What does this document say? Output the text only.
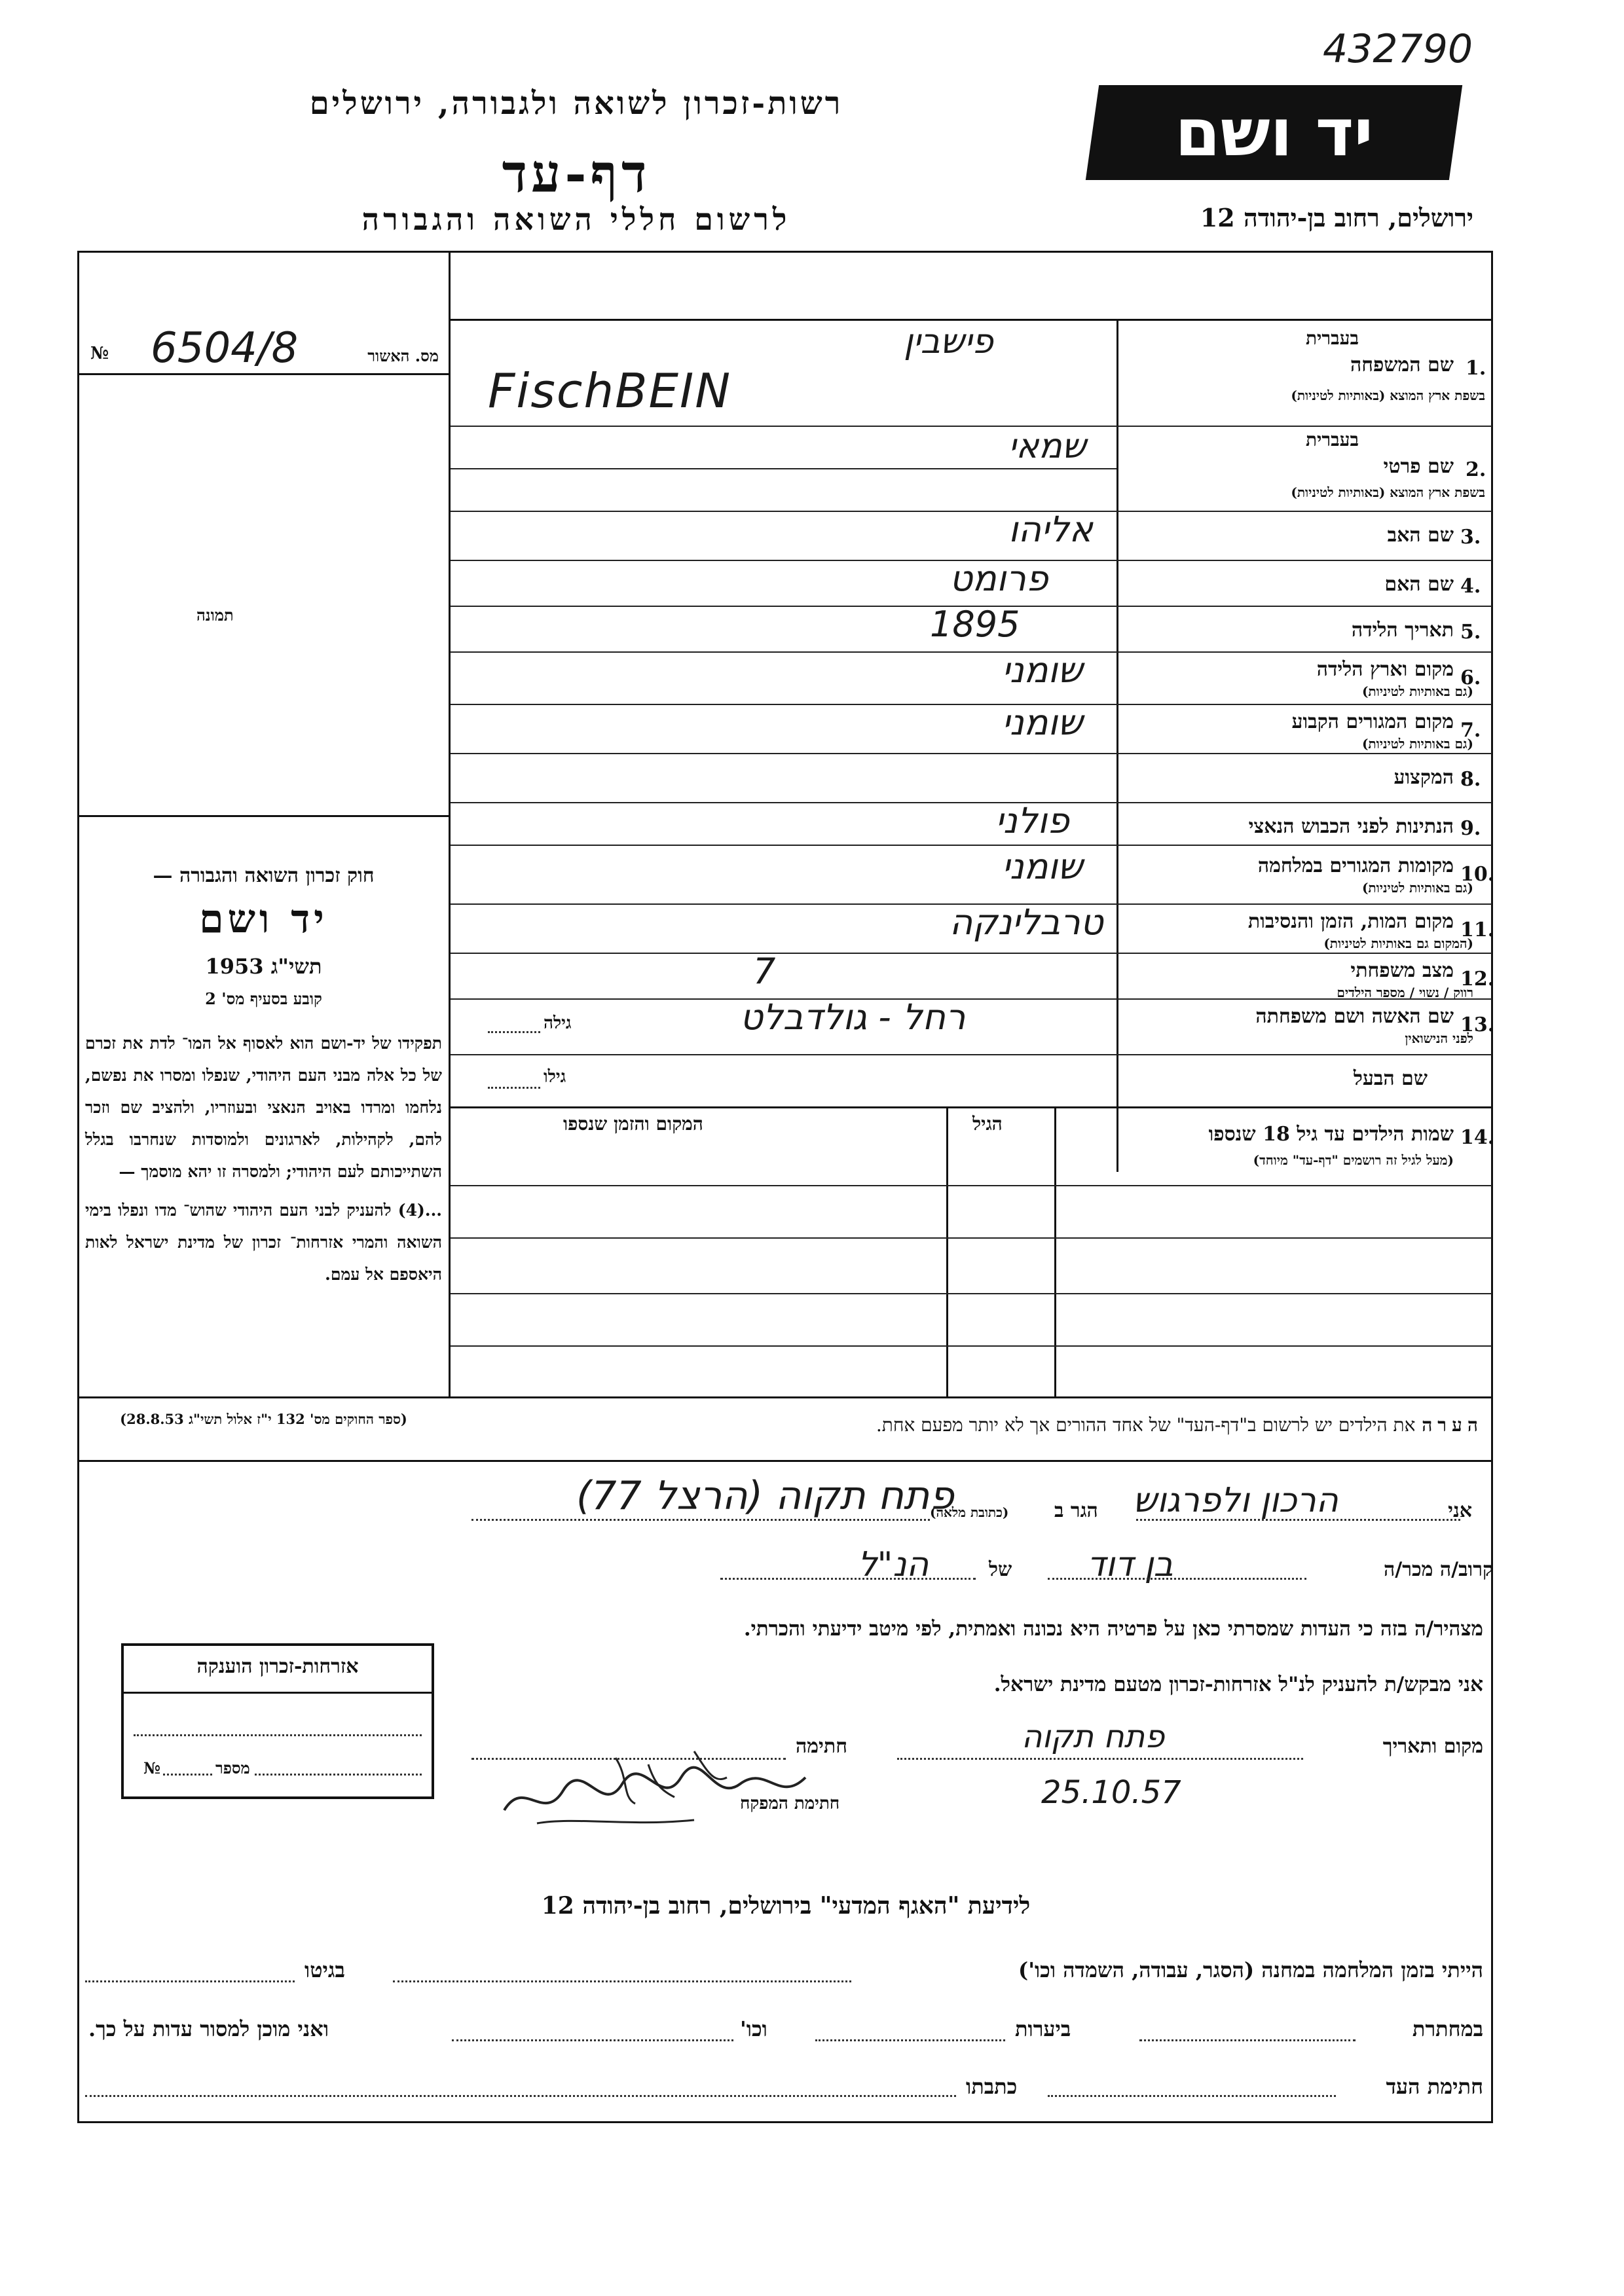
432790
רשות-זכרון לשואה ולגבורה, ירושלים
דף-עד
לרשום חללי השואה והגבורה
יד ושם
ירושלים, רחוב בן-יהודה 12
№ 6504/8	מס. האשור
תמונה
חוק זכרון השואה והגבורה —
יד ושם
תשי"ג 1953
קובע בסעיף מס' 2
תפקידו של יד-ושם הוא לאסוף אל המו־ לדת את זכרם של כל אלה מבני העם היהודי, שנפלו ומסרו את נפשם, נלחמו ומרדו באויב הנאצי ובעוזריו, ולהציב שם וזכר להם, לקהילות, לארגונים ולמוסדות שנחרבו בגלל השתייכותם לעם היהודי; ולמסרה זו יהא מוסמך —
...(4) להעניק לבני העם היהודי שהוש־ מדו ונפלו בימי השואה והמרי אזרחות־ זכרון של מדינת ישראל לאות היאספם אל עמם.
(ספר החוקים מס' 132 י"ז אלול תשי"ג 28.8.53)
1.
שם המשפחה
בעברית
בשפת ארץ המוצא (באותיות לטיניות)
פישבין
FischBEIN
2.
שם פרטי
בעברית
בשפת ארץ המוצא (באותיות לטיניות)
שמאי
3.
שם האב
אליהו
4.
שם האם
פרומט
5.
תאריך הלידה
1895
6.
מקום וארץ הלידה
(גם באותיות לטיניות)
שומני
7.
מקום המגורים הקבוע
(גם באותיות לטיניות)
שומני
8.
המקצוע
9.
הנתינות לפני הכבוש הנאצי
פולני
10.
מקומות המגורים במלחמה
(גם באותיות לטיניות)
שומני
11.
מקום המות, הזמן והנסיבות
(המקום גם באותיות לטיניות)
טרבלינקה
12.
מצב משפחתי
רווק / נשוי / מספר הילדים
7
13.
שם האשה ושם משפחתה
לפני הנישואין
רחל - גולדבלט
גילה
שם הבעל
גילו
14.
שמות הילדים עד גיל 18 שנספו
(מעל לגיל זה רושמים "דף-עד" מיוחד)
הגיל
המקום והזמן שנספו
הערה את הילדים יש לרשום ב"דף-העד" של אחד ההורים אך לא יותר מפעם אחת.
אני
הרכון ולפרגוש
הגר ב
(כתובת מלאה)
פתח תקוה (הרצל 77)
קרוב/ה מכר/ה
בן דוד
של
הנ"ל
מצהיר/ה בזה כי העדות שמסרתי כאן על פרטיה היא נכונה ואמתית, לפי מיטב ידיעתי והכרתי.
אני מבקש/ת להעניק לנ"ל אזרחות-זכרון מטעם מדינת ישראל.
מקום ותאריך
פתח תקוה
25.10.57
חתימה
חתימת המפקח
אזרחות-זכרון הוענקה
№	מספר
לידיעת "האגף המדעי" בירושלים, רחוב בן-יהודה 12
הייתי בזמן המלחמה במחנה (הסגר, עבודה, השמדה וכו')
בגיטו
במחתרת
ביערות
וכו'
ואני מוכן למסור עדות על כך.
חתימת העד
כתבתו
